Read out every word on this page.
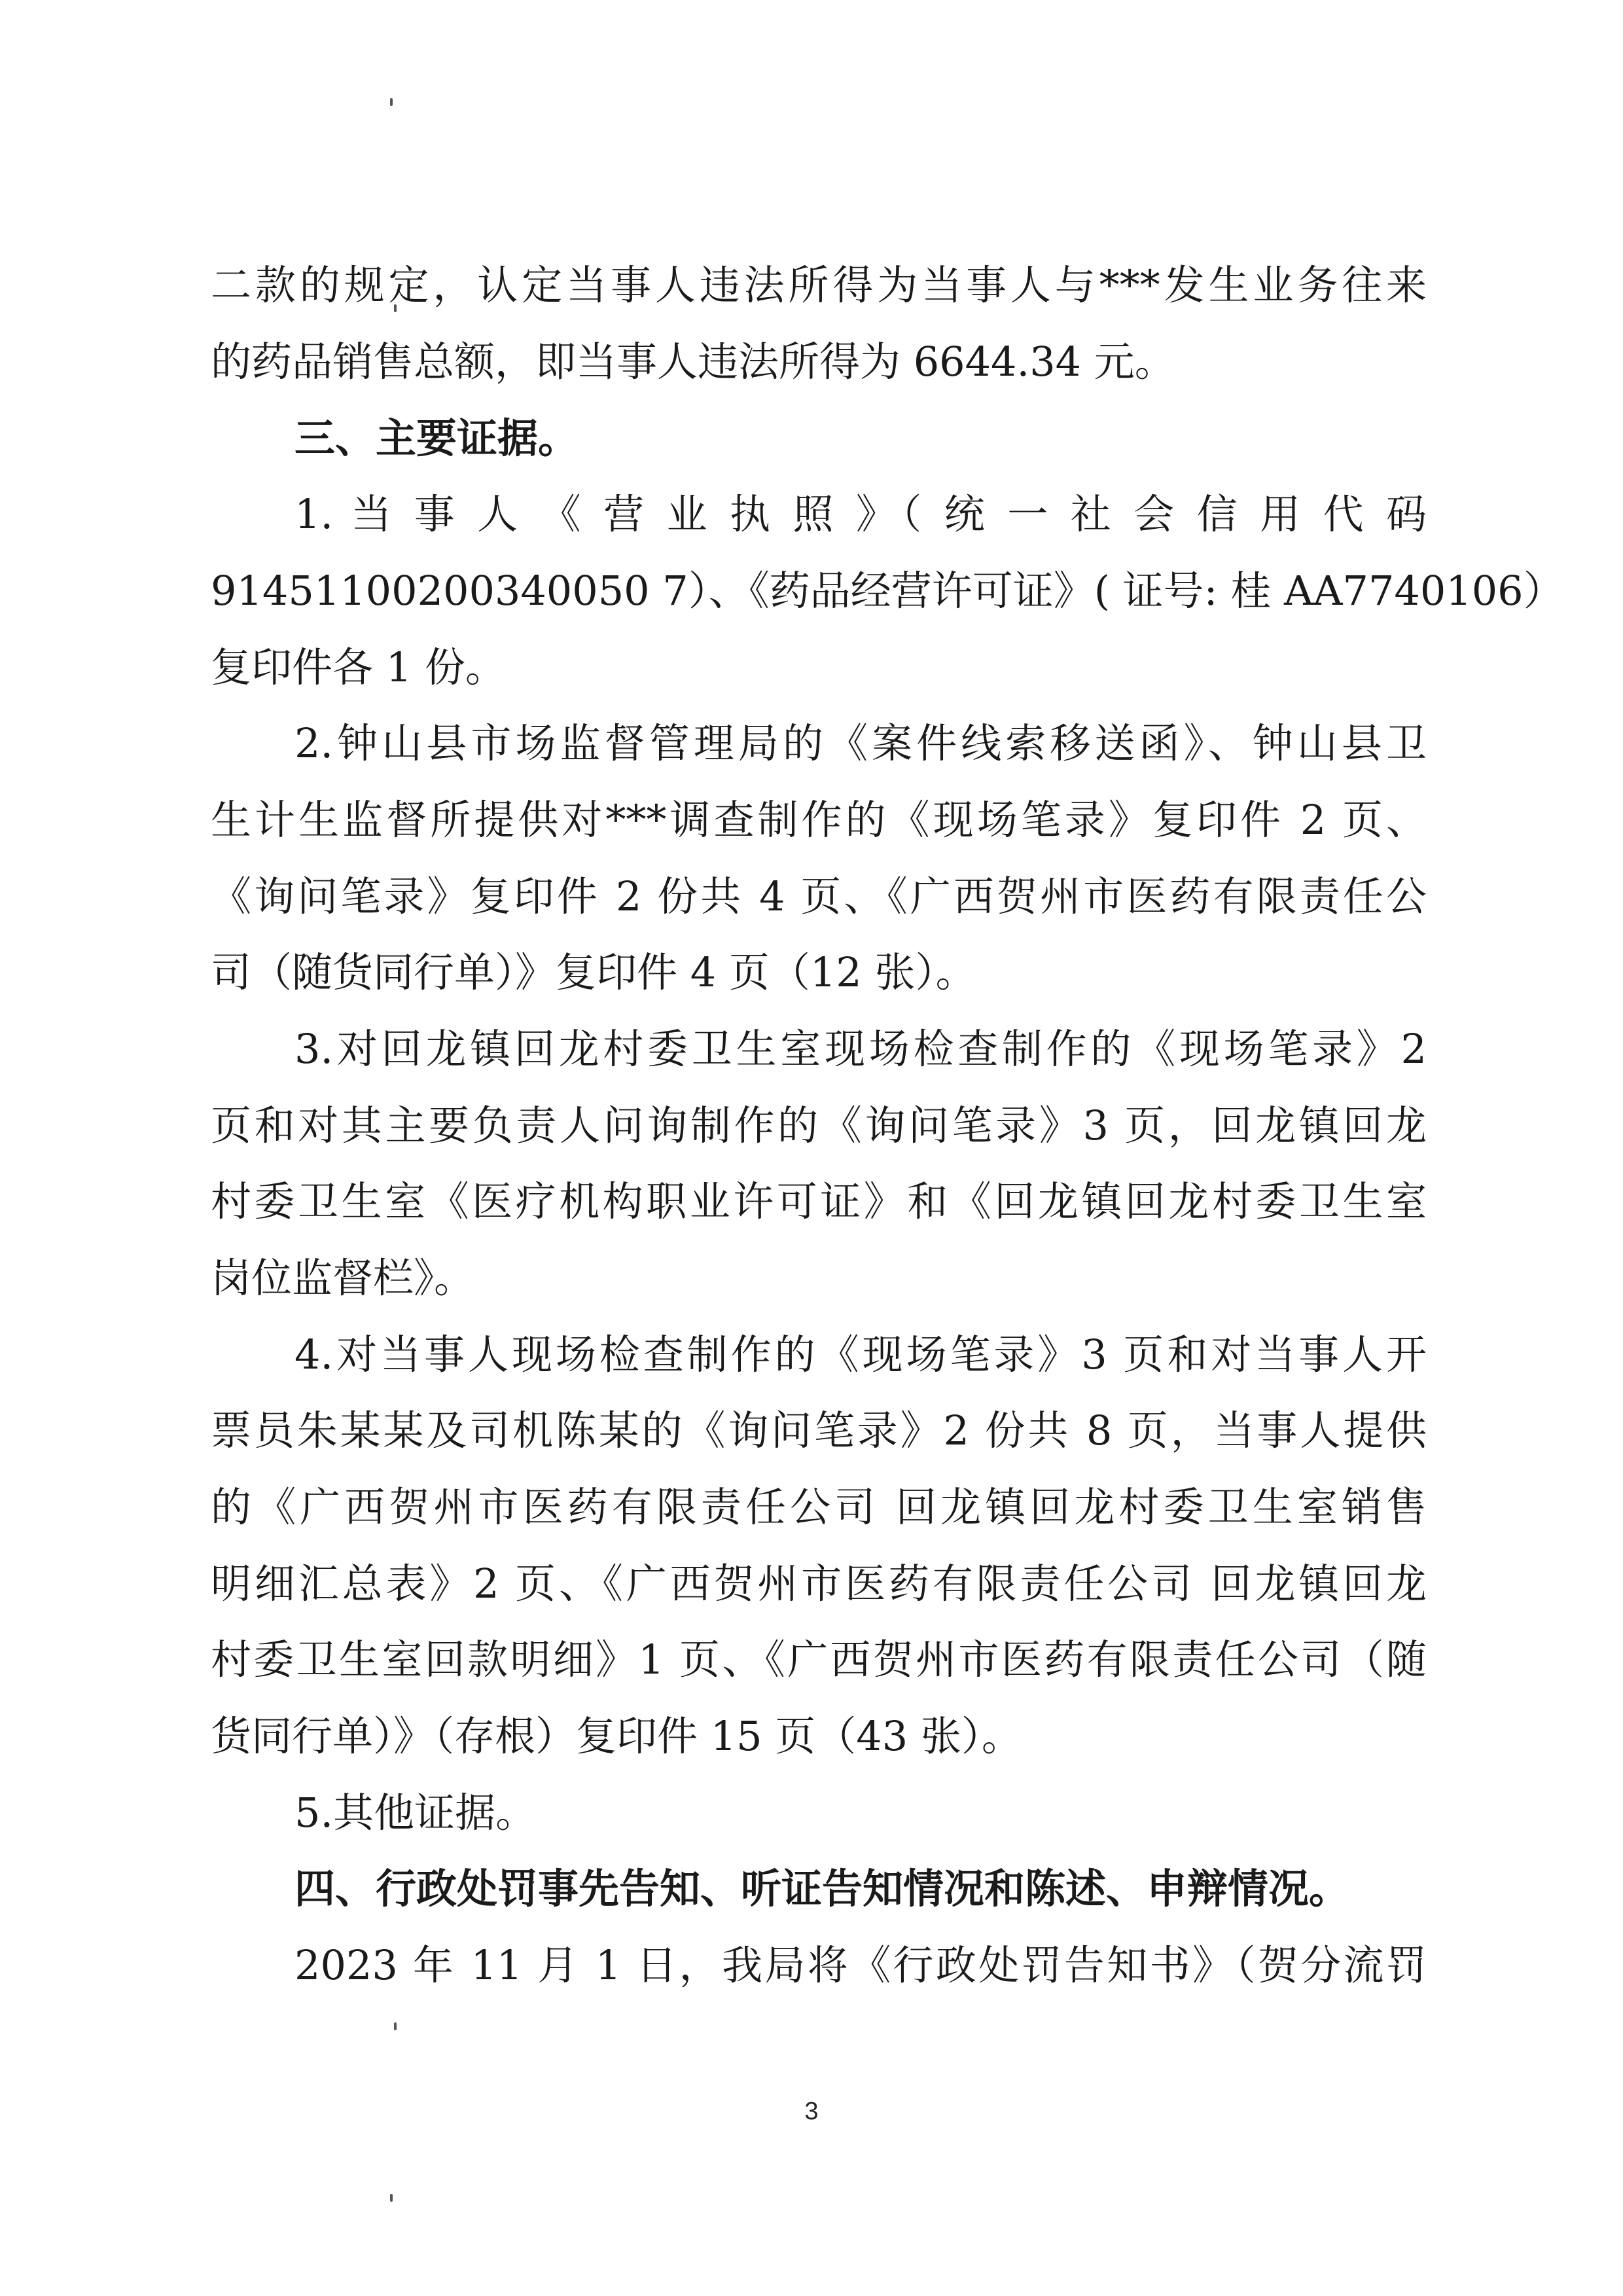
二款的规定，认定当事人违法所得为当事人与***发生业务往来
的药品销售总额，即当事人违法所得为 6644.34 元。
三、主要证据。
1. 当 事 人 《 营 业 执 照 》（ 统 一 社 会 信 用 代 码
91451100200340050 7）、《药品经营许可证》( 证号: 桂 AA7740106）
复印件各 1 份。
2.钟山县市场监督管理局的《案件线索移送函》、钟山县卫
生计生监督所提供对***调查制作的《现场笔录》复印件 2 页、
《询问笔录》复印件 2 份共 4 页、《广西贺州市医药有限责任公
司（随货同行单）》复印件 4 页（12 张）。
3.对回龙镇回龙村委卫生室现场检查制作的《现场笔录》2
页和对其主要负责人问询制作的《询问笔录》3 页，回龙镇回龙
村委卫生室《医疗机构职业许可证》和《回龙镇回龙村委卫生室
岗位监督栏》。
4.对当事人现场检查制作的《现场笔录》3 页和对当事人开
票员朱某某及司机陈某的《询问笔录》2 份共 8 页，当事人提供
的《广西贺州市医药有限责任公司 回龙镇回龙村委卫生室销售
明细汇总表》2 页、《广西贺州市医药有限责任公司 回龙镇回龙
村委卫生室回款明细》1 页、《广西贺州市医药有限责任公司（随
货同行单）》（存根）复印件 15 页（43 张）。
5.其他证据。
四、行政处罚事先告知、听证告知情况和陈述、申辩情况。
2023 年 11 月 1 日，我局将《行政处罚告知书》（贺分流罚
3
